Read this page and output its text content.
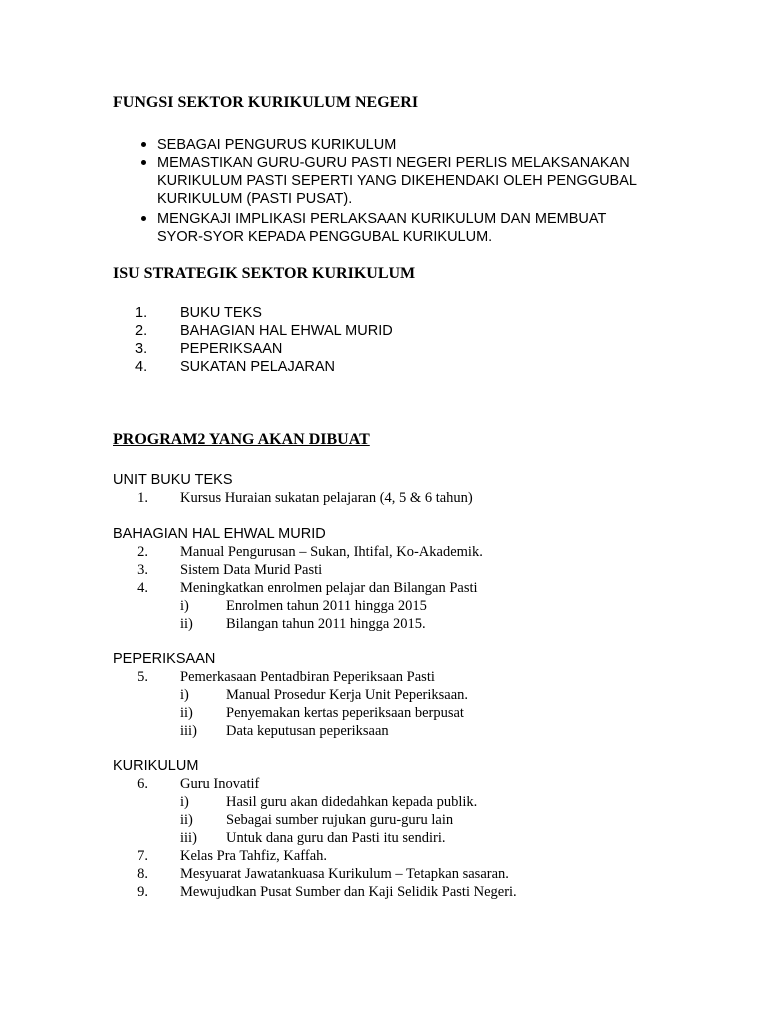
FUNGSI SEKTOR KURIKULUM NEGERI
SEBAGAI PENGURUS KURIKULUM
MEMASTIKAN GURU-GURU PASTI NEGERI PERLIS MELAKSANAKAN KURIKULUM PASTI SEPERTI YANG DIKEHENDAKI OLEH PENGGUBAL KURIKULUM (PASTI PUSAT).
MENGKAJI IMPLIKASI PERLAKSAAN KURIKULUM DAN MEMBUAT SYOR-SYOR KEPADA PENGGUBAL KURIKULUM.
ISU STRATEGIK SEKTOR KURIKULUM
1. BUKU TEKS
2. BAHAGIAN HAL EHWAL MURID
3. PEPERIKSAAN
4. SUKATAN PELAJARAN
PROGRAM2 YANG AKAN DIBUAT
UNIT BUKU TEKS
1. Kursus Huraian sukatan pelajaran (4, 5 & 6 tahun)
BAHAGIAN HAL EHWAL MURID
2. Manual Pengurusan – Sukan, Ihtifal, Ko-Akademik.
3. Sistem Data Murid Pasti
4. Meningkatkan enrolmen pelajar dan Bilangan Pasti
i)	Enrolmen tahun 2011 hingga 2015
ii) Bilangan tahun 2011 hingga 2015.
PEPERIKSAAN
5. Pemerkasaan Pentadbiran Peperiksaan Pasti
i)	Manual Prosedur Kerja Unit Peperiksaan.
ii) Penyemakan kertas peperiksaan berpusat
iii) Data keputusan peperiksaan
KURIKULUM
6. Guru Inovatif
i)	Hasil guru akan didedahkan kepada publik.
ii) Sebagai sumber rujukan guru-guru lain
iii) Untuk dana guru dan Pasti itu sendiri.
7. Kelas Pra Tahfiz, Kaffah.
8. Mesyuarat Jawatankuasa Kurikulum – Tetapkan sasaran.
9. Mewujudkan Pusat Sumber dan Kaji Selidik Pasti Negeri.
